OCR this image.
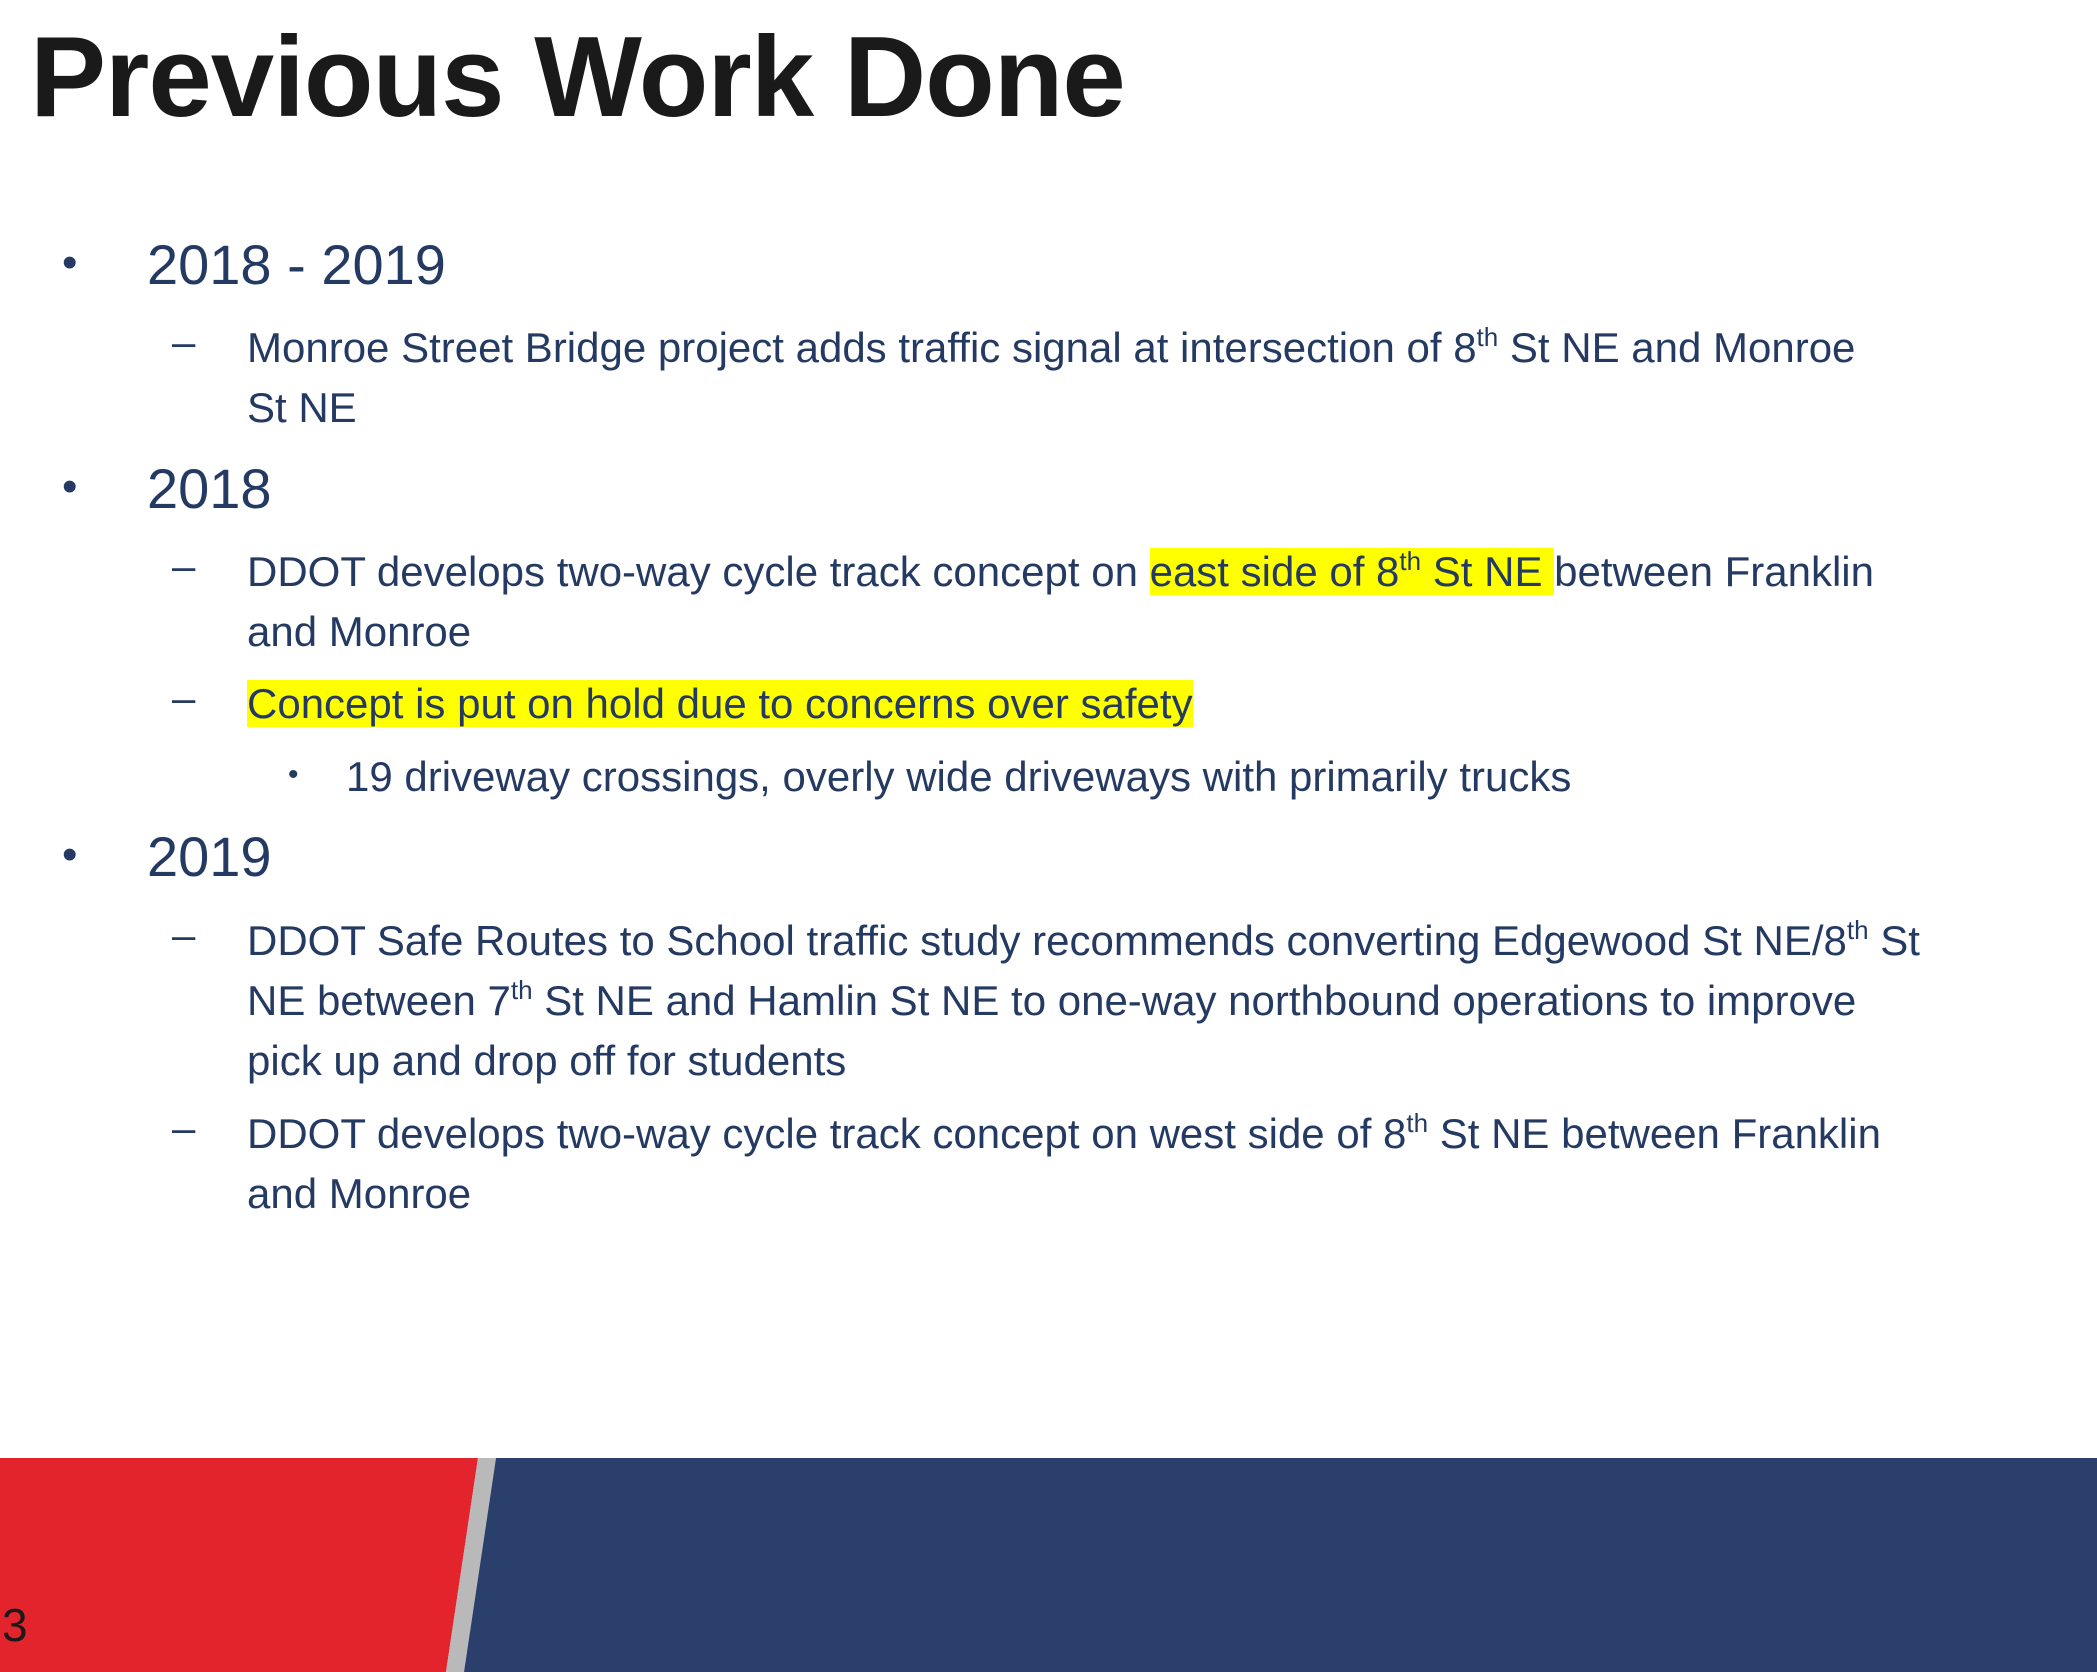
Previous Work Done
• 2018 - 2019
– Monroe Street Bridge project adds traffic signal at intersection of 8th St NE and Monroe
St NE
• 2018
– DDOT develops two-way cycle track concept on east side of 8th St NE between Franklin
and Monroe
– Concept is put on hold due to concerns over safety
• 19 driveway crossings, overly wide driveways with primarily trucks
• 2019
– DDOT Safe Routes to School traffic study recommends converting Edgewood St NE/8th St
NE between 7th St NE and Hamlin St NE to one-way northbound operations to improve
pick up and drop off for students
– DDOT develops two-way cycle track concept on west side of 8th St NE between Franklin
and Monroe
3
